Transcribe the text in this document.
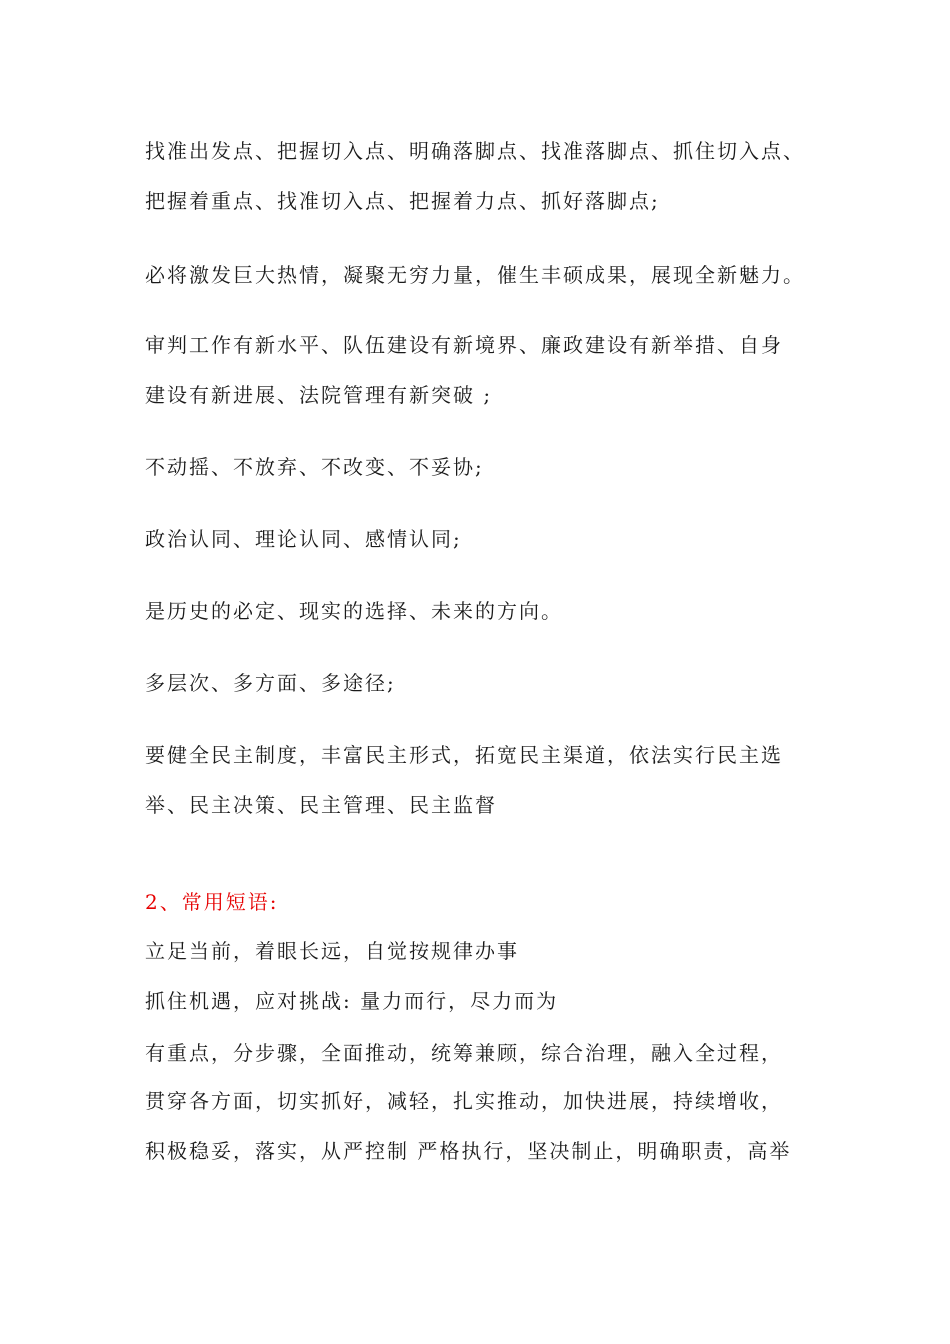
找准出发点、把握切入点、明确落脚点、找准落脚点、抓住切入点、
把握着重点、找准切入点、把握着力点、抓好落脚点;
必将激发巨大热情，凝聚无穷力量，催生丰硕成果，展现全新魅力。
审判工作有新水平、队伍建设有新境界、廉政建设有新举措、自身
建设有新进展、法院管理有新突破 ;
不动摇、不放弃、不改变、不妥协;
政治认同、理论认同、感情认同;
是历史的必定、现实的选择、未来的方向。
多层次、多方面、多途径;
要健全民主制度，丰富民主形式，拓宽民主渠道，依法实行民主选
举、民主决策、民主管理、民主监督
2、常用短语:
立足当前，着眼长远，自觉按规律办事
抓住机遇，应对挑战: 量力而行，尽力而为
有重点，分步骤，全面推动，统筹兼顾，综合治理，融入全过程，
贯穿各方面，切实抓好，减轻，扎实推动，加快进展，持续增收，
积极稳妥，落实，从严控制 严格执行，坚决制止，明确职责，高举
